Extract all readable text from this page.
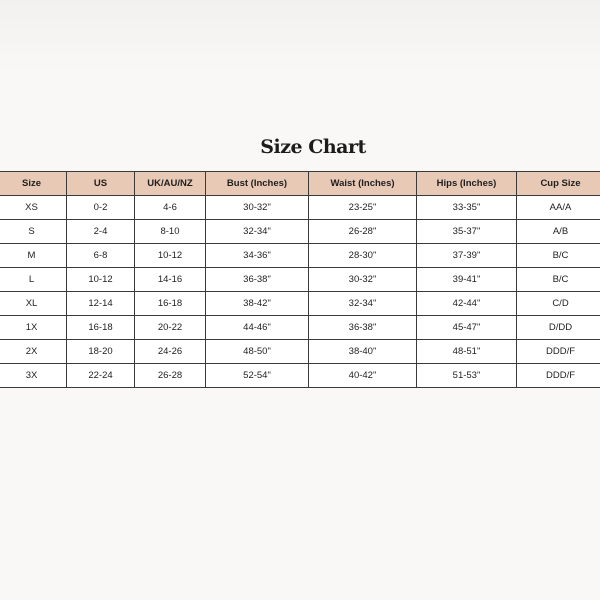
Size Chart
Size	US	UK/AU/NZ	Bust (Inches)	Waist (Inches)	Hips (Inches)	Cup Size
XS	0-2	4-6	30-32"	23-25"	33-35"	AA/A
S	2-4	8-10	32-34"	26-28"	35-37"	A/B
M	6-8	10-12	34-36"	28-30"	37-39"	B/C
L	10-12	14-16	36-38"	30-32"	39-41"	B/C
XL	12-14	16-18	38-42"	32-34"	42-44"	C/D
1X	16-18	20-22	44-46"	36-38"	45-47"	D/DD
2X	18-20	24-26	48-50"	38-40"	48-51"	DDD/F
3X	22-24	26-28	52-54"	40-42"	51-53"	DDD/F
